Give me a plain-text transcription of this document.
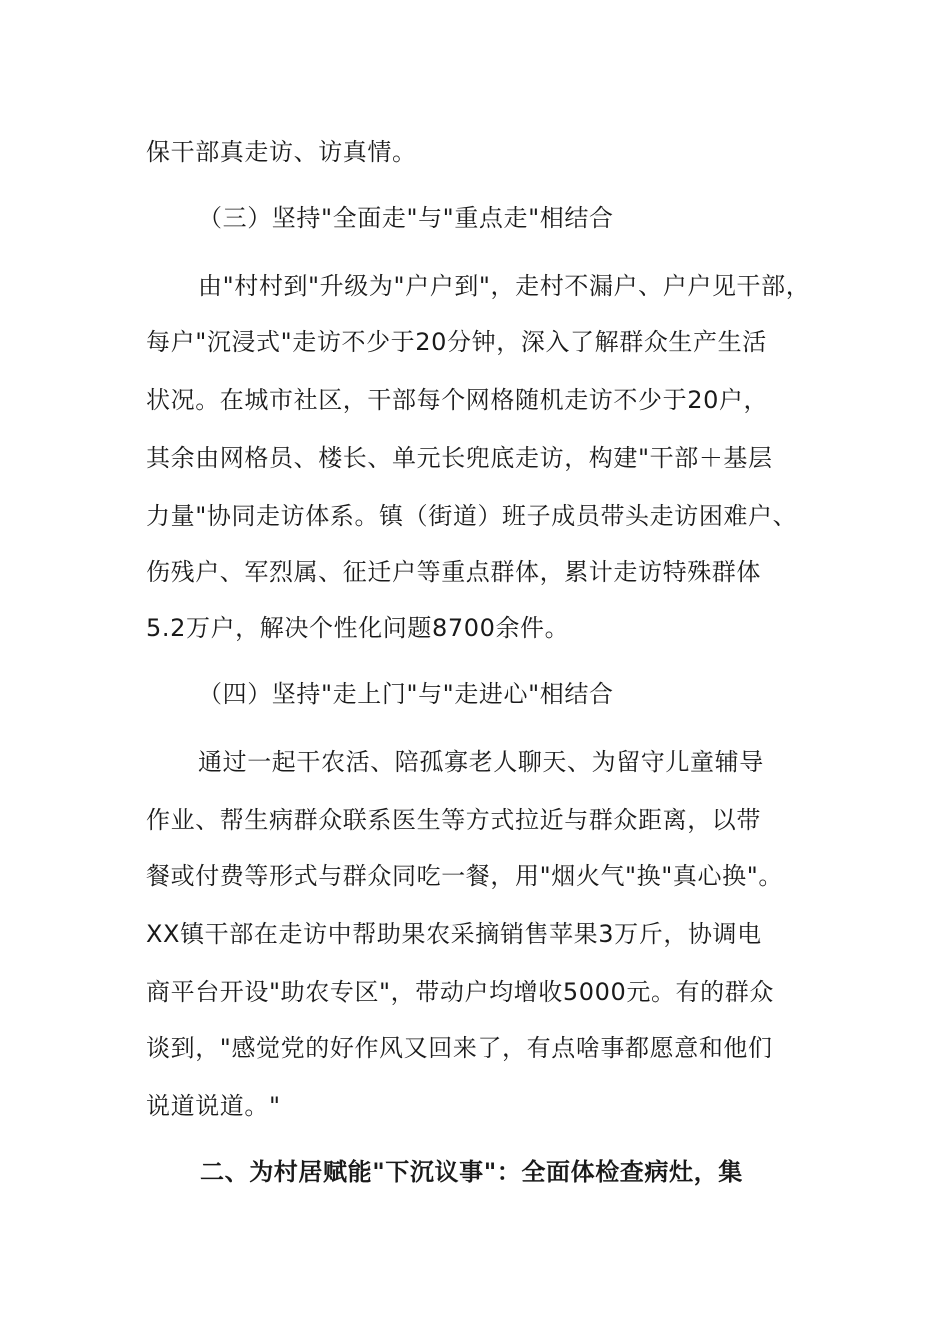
保干部真走访、访真情。
（三）坚持"全面走"与"重点走"相结合
由"村村到"升级为"户户到"，走村不漏户、户户见干部，
每户"沉浸式"走访不少于20分钟，深入了解群众生产生活
状况。在城市社区，干部每个网格随机走访不少于20户，
其余由网格员、楼长、单元长兜底走访，构建"干部＋基层
力量"协同走访体系。镇（街道）班子成员带头走访困难户、
伤残户、军烈属、征迁户等重点群体，累计走访特殊群体
5.2万户，解决个性化问题8700余件。
（四）坚持"走上门"与"走进心"相结合
通过一起干农活、陪孤寡老人聊天、为留守儿童辅导
作业、帮生病群众联系医生等方式拉近与群众距离，以带
餐或付费等形式与群众同吃一餐，用"烟火气"换"真心换"。
XX镇干部在走访中帮助果农采摘销售苹果3万斤，协调电
商平台开设"助农专区"，带动户均增收5000元。有的群众
谈到，"感觉党的好作风又回来了，有点啥事都愿意和他们
说道说道。"
二、为村居赋能"下沉议事"：全面体检查病灶，集
